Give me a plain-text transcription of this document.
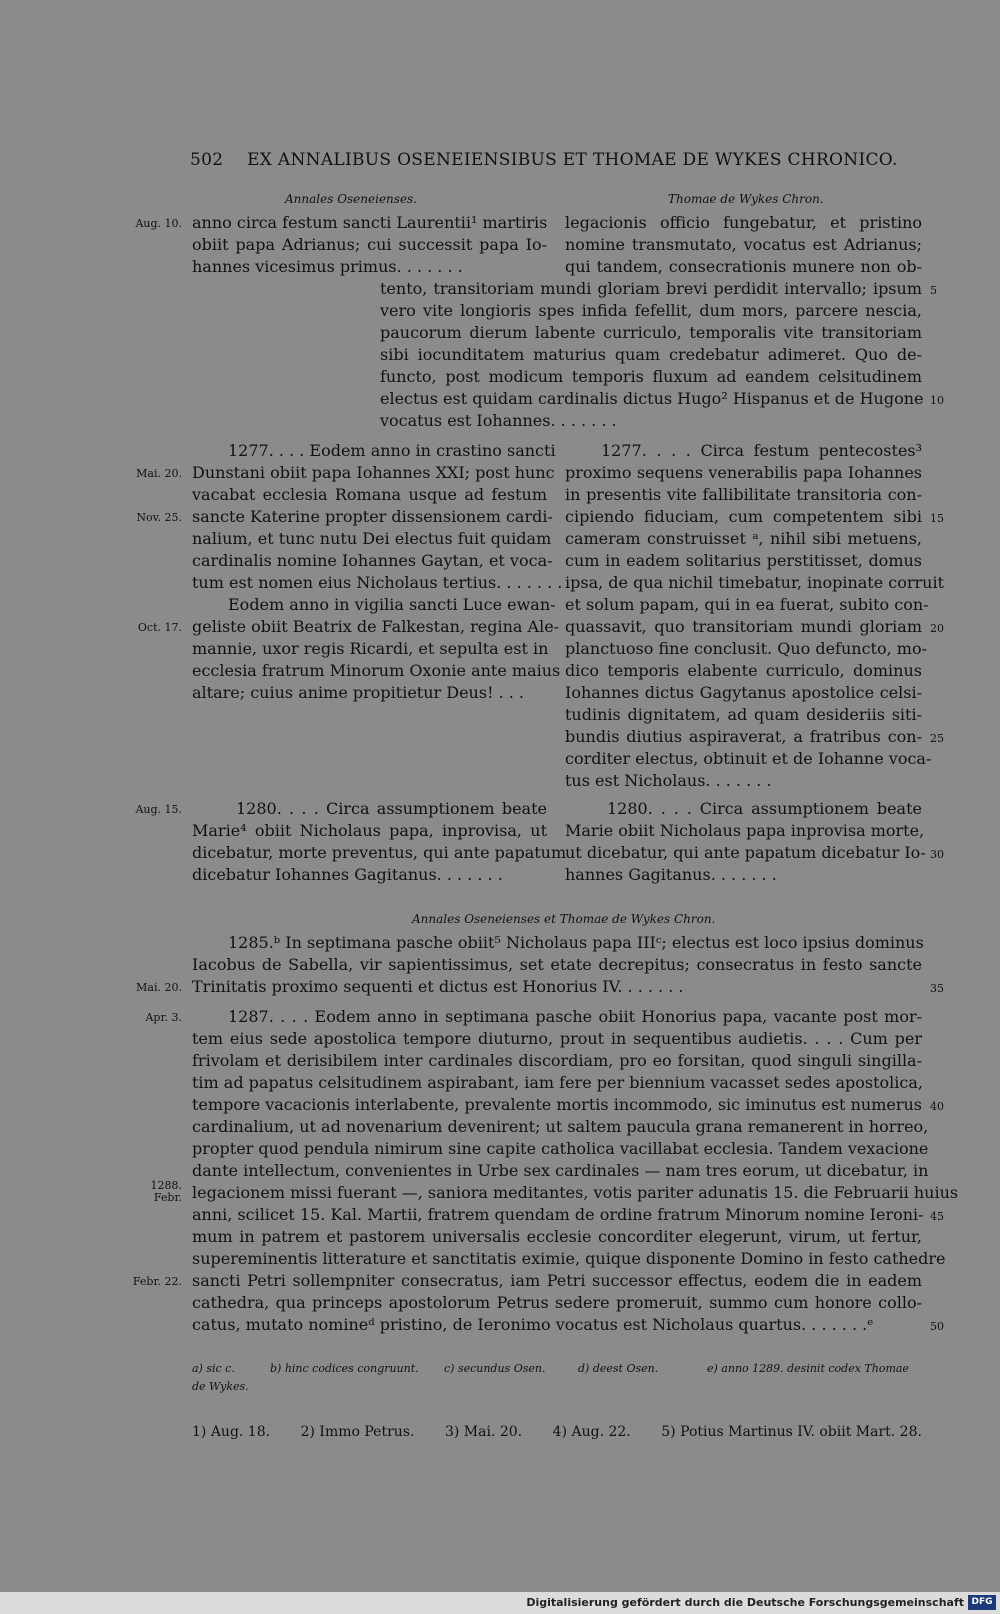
502 EX ANNALIBUS OSENEIENSIBUS ET THOMAE DE WYKES CHRONICO.
Annales Oseneienses.	Thomae de Wykes Chron.
anno circa festum sancti Laurentii¹ martiris
obiit papa Adrianus; cui successit papa Io-
hannes vicesimus primus. . . . . . .
legacionis officio fungebatur, et pristino
nomine transmutato, vocatus est Adrianus;
qui tandem, consecrationis munere non ob-
tento, transitoriam mundi gloriam brevi perdidit intervallo; ipsum
vero vite longioris spes infida fefellit, dum mors, parcere nescia,
paucorum dierum labente curriculo, temporalis vite transitoriam
sibi iocunditatem maturius quam credebatur adimeret. Quo de-
functo, post modicum temporis fluxum ad eandem celsitudinem
electus est quidam cardinalis dictus Hugo² Hispanus et de Hugone
vocatus est Iohannes. . . . . . .
1277. . . . Eodem anno in crastino sancti
Dunstani obiit papa Iohannes XXI; post hunc
vacabat ecclesia Romana usque ad festum
sancte Katerine propter dissensionem cardi-
nalium, et tunc nutu Dei electus fuit quidam
cardinalis nomine Iohannes Gaytan, et voca-
tum est nomen eius Nicholaus tertius. . . . . . .
Eodem anno in vigilia sancti Luce ewan-
geliste obiit Beatrix de Falkestan, regina Ale-
mannie, uxor regis Ricardi, et sepulta est in
ecclesia fratrum Minorum Oxonie ante maius
altare; cuius anime propitietur Deus! . . .
1277. . . . Circa festum pentecostes³
proximo sequens venerabilis papa Iohannes
in presentis vite fallibilitate transitoria con-
cipiendo fiduciam, cum competentem sibi
cameram construisset ᵃ, nihil sibi metuens,
cum in eadem solitarius perstitisset, domus
ipsa, de qua nichil timebatur, inopinate corruit
et solum papam, qui in ea fuerat, subito con-
quassavit, quo transitoriam mundi gloriam
planctuoso fine conclusit. Quo defuncto, mo-
dico temporis elabente curriculo, dominus
Iohannes dictus Gagytanus apostolice celsi-
tudinis dignitatem, ad quam desideriis siti-
bundis diutius aspiraverat, a fratribus con-
corditer electus, obtinuit et de Iohanne voca-
tus est Nicholaus. . . . . . .
1280. . . . Circa assumptionem beate
Marie⁴ obiit Nicholaus papa, inprovisa, ut
dicebatur, morte preventus, qui ante papatum
dicebatur Iohannes Gagitanus. . . . . . .
1280. . . . Circa assumptionem beate
Marie obiit Nicholaus papa inprovisa morte,
ut dicebatur, qui ante papatum dicebatur Io-
hannes Gagitanus. . . . . . .
Annales Oseneienses et Thomae de Wykes Chron.
1285.ᵇ In septimana pasche obiit⁵ Nicholaus papa IIIᶜ; electus est loco ipsius dominus
Iacobus de Sabella, vir sapientissimus, set etate decrepitus; consecratus in festo sancte
Trinitatis proximo sequenti et dictus est Honorius IV. . . . . . .
1287. . . . Eodem anno in septimana pasche obiit Honorius papa, vacante post mor-
tem eius sede apostolica tempore diuturno, prout in sequentibus audietis. . . . Cum per
frivolam et derisibilem inter cardinales discordiam, pro eo forsitan, quod singuli singilla-
tim ad papatus celsitudinem aspirabant, iam fere per biennium vacasset sedes apostolica,
tempore vacacionis interlabente, prevalente mortis incommodo, sic iminutus est numerus
cardinalium, ut ad novenarium devenirent; ut saltem paucula grana remanerent in horreo,
propter quod pendula nimirum sine capite catholica vacillabat ecclesia. Tandem vexacione
dante intellectum, convenientes in Urbe sex cardinales — nam tres eorum, ut dicebatur, in
legacionem missi fuerant —, saniora meditantes, votis pariter adunatis 15. die Februarii huius
anni, scilicet 15. Kal. Martii, fratrem quendam de ordine fratrum Minorum nomine Ieroni-
mum in patrem et pastorem universalis ecclesie concorditer elegerunt, virum, ut fertur,
supereminentis litterature et sanctitatis eximie, quique disponente Domino in festo cathedre
sancti Petri sollempniter consecratus, iam Petri successor effectus, eodem die in eadem
cathedra, qua princeps apostolorum Petrus sedere promeruit, summo cum honore collo-
catus, mutato nomineᵈ pristino, de Ieronimo vocatus est Nicholaus quartus. . . . . . .ᵉ
Aug. 10.
Mai. 20.
Nov. 25.
Oct. 17.
Aug. 15.
Mai. 20.
Apr. 3.
1288.
Febr.
Febr. 22.
5
10
15
20
25
30
35
40
45
50
a) sic c.	b) hinc codices congruunt. c) secundus Osen.	d) deest Osen.	e) anno 1289. desinit codex Thomae
de Wykes.
1) Aug. 18. 2) Immo Petrus. 3) Mai. 20. 4) Aug. 22. 5) Potius Martinus IV. obiit Mart. 28.
Digitalisierung gefördert durch die Deutsche Forschungsgemeinschaft DFG
